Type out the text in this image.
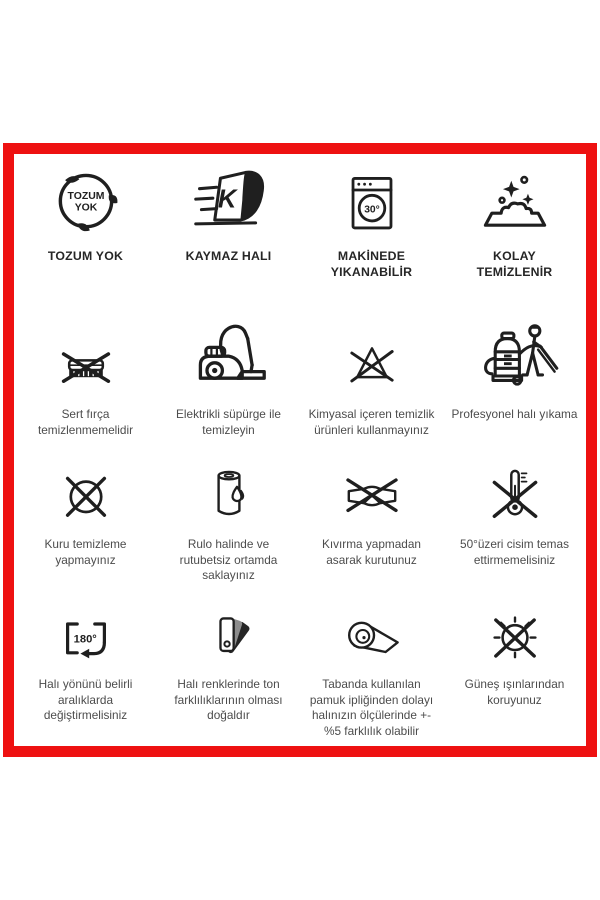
TOZUM
YOK
TOZUM YOK
K
KAYMAZ HALI
30°
MAKİNEDE YIKANABİLİR
KOLAY TEMİZLENİR
Sert fırça temizlenmemelidir
Elektrikli süpürge ile temizleyin
Kimyasal içeren temizlik ürünleri kullanmayınız
Profesyonel halı yıkama
Kuru temizleme yapmayınız
Rulo halinde ve rutubetsiz ortamda saklayınız
Kıvırma yapmadan asarak kurutunuz
50°üzeri cisim temas ettirmemelisiniz
180°
Halı yönünü belirli aralıklarda değiştirmelisiniz
Halı renklerinde ton farklılıklarının olması doğaldır
Tabanda kullanılan pamuk ipliğinden dolayı halınızın ölçülerinde +-%5 farklılık olabilir
Güneş ışınlarından koruyunuz
